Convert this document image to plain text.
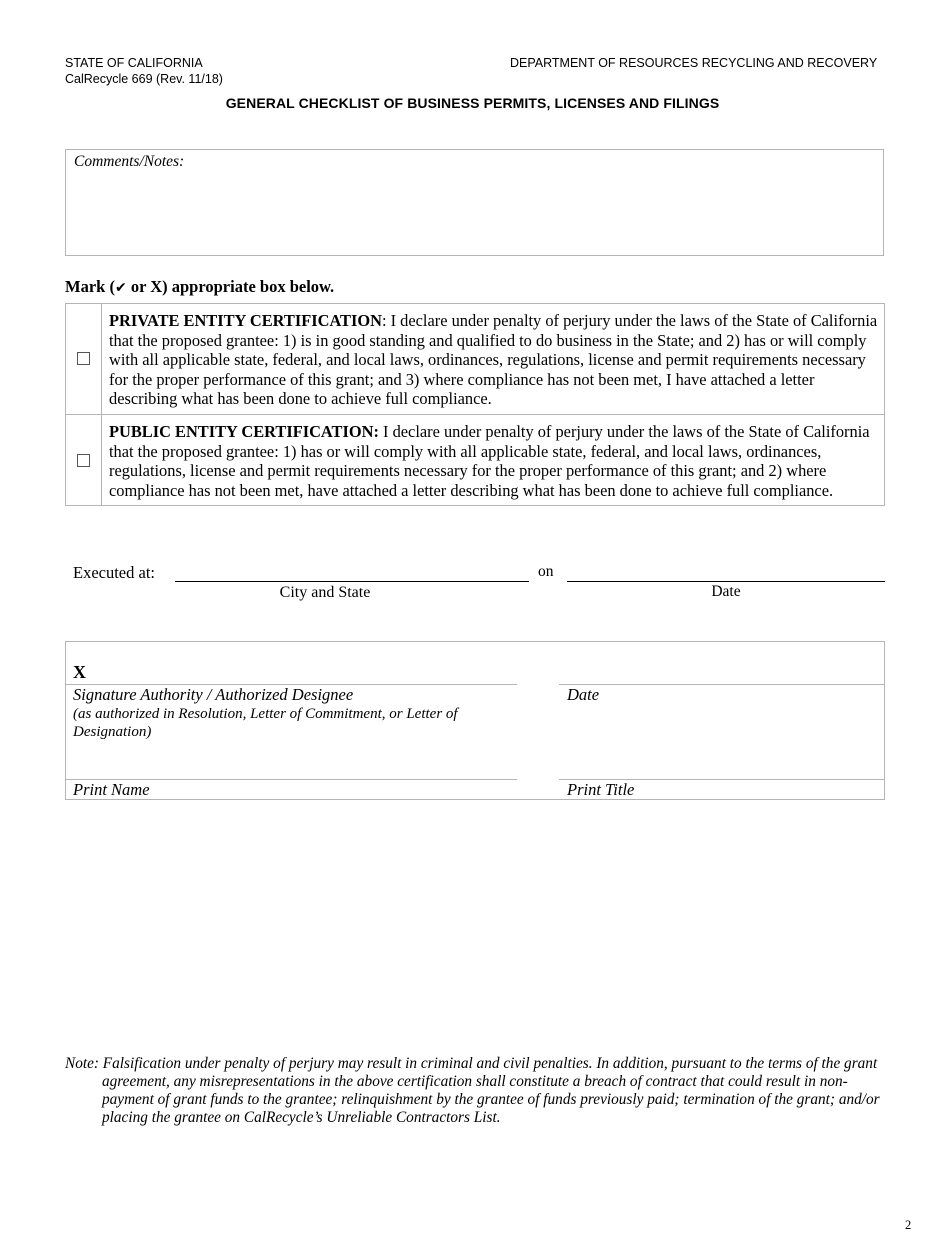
STATE OF CALIFORNIA
CalRecycle 669 (Rev. 11/18)
DEPARTMENT OF RESOURCES RECYCLING AND RECOVERY
GENERAL CHECKLIST OF BUSINESS PERMITS, LICENSES AND FILINGS
Comments/Notes:
Mark (✔ or X) appropriate box below.
PRIVATE ENTITY CERTIFICATION: I declare under penalty of perjury under the laws of the State of California that the proposed grantee: 1) is in good standing and qualified to do business in the State; and 2) has or will comply with all applicable state, federal, and local laws, ordinances, regulations, license and permit requirements necessary for the proper performance of this grant; and 3) where compliance has not been met, I have attached a letter describing what has been done to achieve full compliance.
PUBLIC ENTITY CERTIFICATION: I declare under penalty of perjury under the laws of the State of California that the proposed grantee: 1) has or will comply with all applicable state, federal, and local laws, ordinances, regulations, license and permit requirements necessary for the proper performance of this grant; and 2) where compliance has not been met, have attached a letter describing what has been done to achieve full compliance.
Executed at:
City and State
on
Date
X
Signature Authority / Authorized Designee
(as authorized in Resolution, Letter of Commitment, or Letter of Designation)
Date
Print Name	Print Title
Note: Falsification under penalty of perjury may result in criminal and civil penalties. In addition, pursuant to the terms of the grant agreement, any misrepresentations in the above certification shall constitute a breach of contract that could result in non-payment of grant funds to the grantee; relinquishment by the grantee of funds previously paid; termination of the grant; and/or placing the grantee on CalRecycle’s Unreliable Contractors List.
2
